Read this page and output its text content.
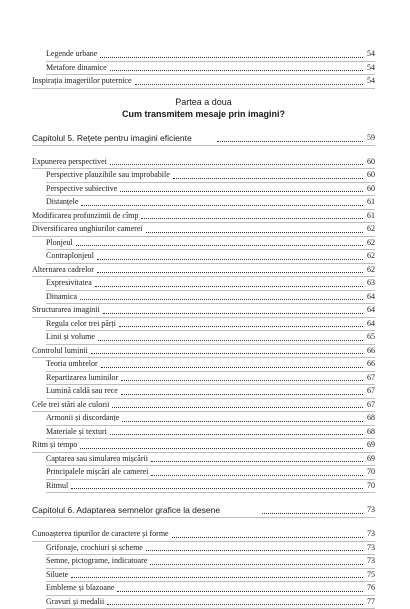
Legende urbane	54
Metafore dinamice	54
Inspirația imageriilor puternice	54
Partea a doua
Cum transmitem mesaje prin imagini?
Capitolul 5. Rețete pentru imagini eficiente	59
Expunerea perspectivei	60
Perspective plauzibile sau improbabile	60
Perspective subiective	60
Distanțele	61
Modificarea profunzimii de cîmp	61
Diversificarea unghiurilor camerei	62
Plonjeul	62
Contraplonjeul	62
Alternarea cadrelor	62
Expresivitatea	63
Dinamica	64
Structurarea imaginii	64
Regula celor trei părți	64
Linii și volume	65
Controlul luminii	66
Teoria umbrelor	66
Repartizarea luminilor	67
Lumină caldă sau rece	67
Cele trei stări ale culorii	67
Armonii și discordanțe	68
Materiale și texturi	68
Ritm și tempo	69
Captarea sau simularea mișcării	69
Principalele mișcări ale camerei	70
Ritmul	70
Capitolul 6. Adaptarea semnelor grafice la desene	73
Cunoașterea tipurilor de caractere și forme	73
Grifonaje, crochiuri și scheme	73
Semne, pictograme, indicatoare	73
Siluete	75
Embleme și blazoane	76
Gravuri și medalii	77
